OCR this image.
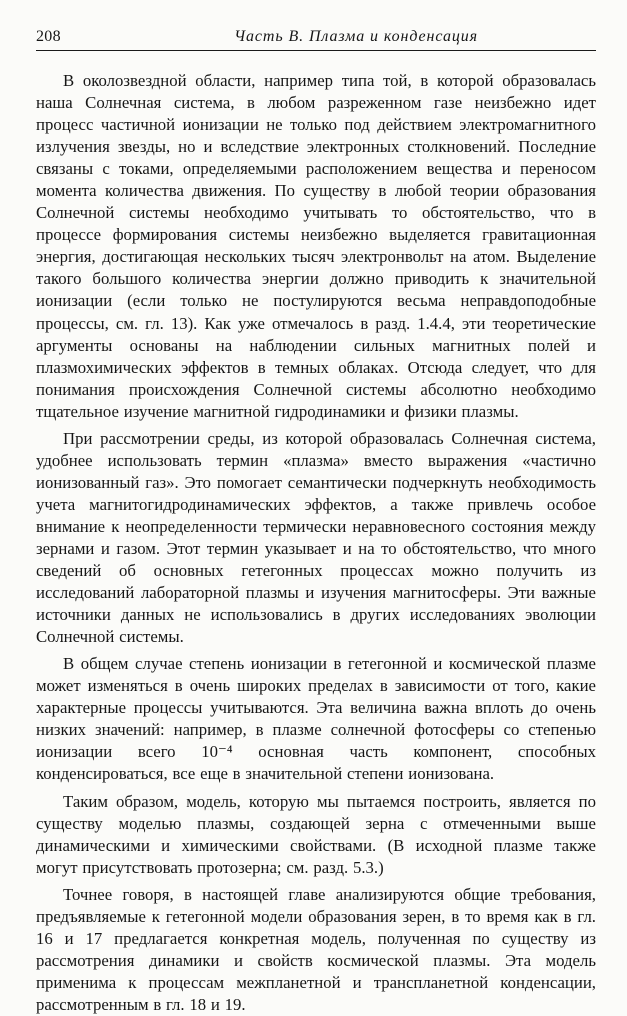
208	Часть В. Плазма и конденсация

В околозвездной области, например типа той, в которой образовалась наша Солнечная система, в любом разреженном газе неизбежно идет процесс частичной ионизации не только под действием электромагнитного излучения звезды, но и вследствие электронных столкновений. Последние связаны с токами, определяемыми расположением вещества и переносом момента количества движения. По существу в любой теории образования Солнечной системы необходимо учитывать то обстоятельство, что в процессе формирования системы неизбежно выделяется гравитационная энергия, достигающая нескольких тысяч электронвольт на атом. Выделение такого большого количества энергии должно приводить к значительной ионизации (если только не постулируются весьма неправдоподобные процессы, см. гл. 13). Как уже отмечалось в разд. 1.4.4, эти теоретические аргументы основаны на наблюдении сильных магнитных полей и плазмохимических эффектов в темных облаках. Отсюда следует, что для понимания происхождения Солнечной системы абсолютно необходимо тщательное изучение магнитной гидродинамики и физики плазмы.

При рассмотрении среды, из которой образовалась Солнечная система, удобнее использовать термин «плазма» вместо выражения «частично ионизованный газ». Это помогает семантически подчеркнуть необходимость учета магнитогидродинамических эффектов, а также привлечь особое внимание к неопределенности термически неравновесного состояния между зернами и газом. Этот термин указывает и на то обстоятельство, что много сведений об основных гетегонных процессах можно получить из исследований лабораторной плазмы и изучения магнитосферы. Эти важные источники данных не использовались в других исследованиях эволюции Солнечной системы.

В общем случае степень ионизации в гетегонной и космической плазме может изменяться в очень широких пределах в зависимости от того, какие характерные процессы учитываются. Эта величина важна вплоть до очень низких значений: например, в плазме солнечной фотосферы со степенью ионизации всего 10⁻⁴ основная часть компонент, способных конденсироваться, все еще в значительной степени ионизована.

Таким образом, модель, которую мы пытаемся построить, является по существу моделью плазмы, создающей зерна с отмеченными выше динамическими и химическими свойствами. (В исходной плазме также могут присутствовать протозерна; см. разд. 5.3.)

Точнее говоря, в настоящей главе анализируются общие требования, предъявляемые к гетегонной модели образования зерен, в то время как в гл. 16 и 17 предлагается конкретная модель, полученная по существу из рассмотрения динамики и свойств космической плазмы. Эта модель применима к процессам межпланетной и транспланетной конденсации, рассмотренным в гл. 18 и 19.
